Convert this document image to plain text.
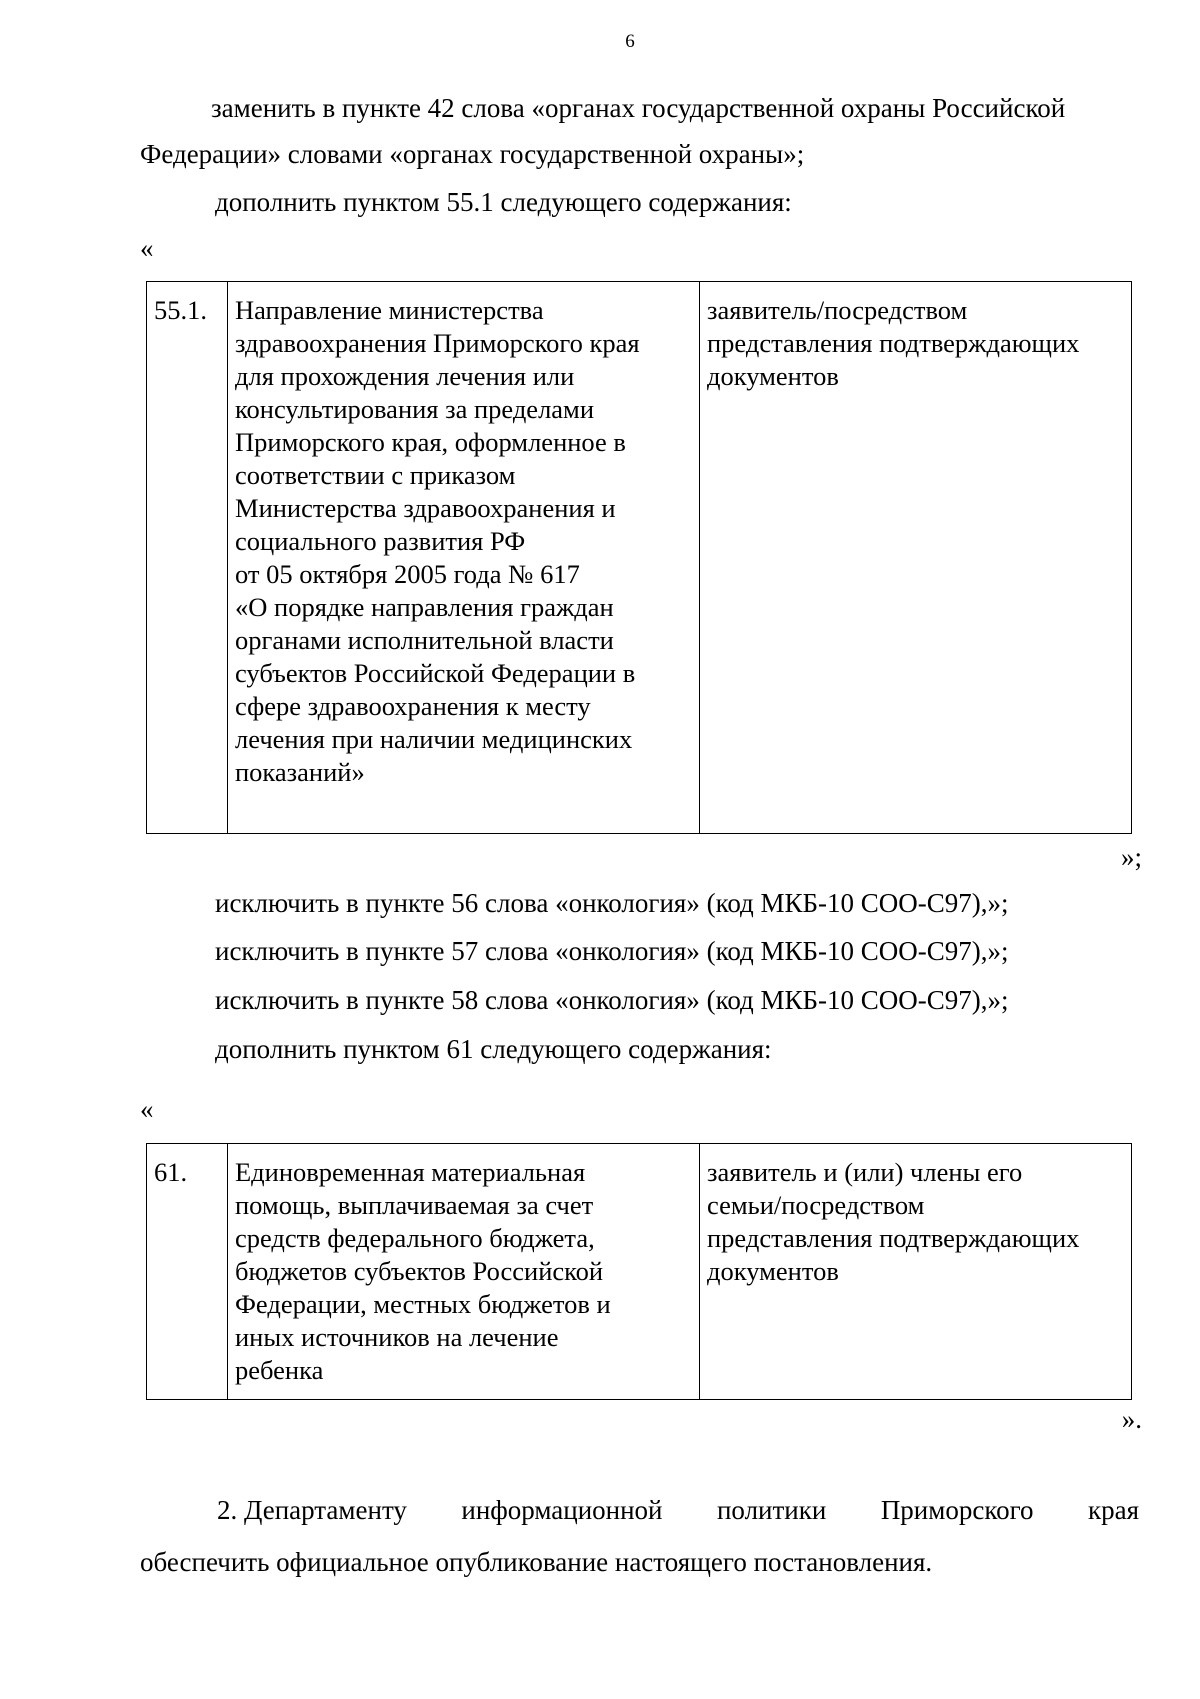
6
заменить в пункте 42 слова «органах государственной охраны Российской
Федерации» словами «органах государственной охраны»;
дополнить пунктом 55.1 следующего содержания:
«
55.1.	Направление министерства
здравоохранения Приморского края
для прохождения лечения или
консультирования за пределами
Приморского края, оформленное в
соответствии с приказом
Министерства здравоохранения и
социального развития РФ
от 05 октября 2005 года № 617
«О порядке направления граждан
органами исполнительной власти
субъектов Российской Федерации в
сфере здравоохранения к месту
лечения при наличии медицинских
показаний»	заявитель/посредством
представления подтверждающих
документов
»;
исключить в пункте 56 слова «онкология» (код МКБ-10 СОО-С97),»;
исключить в пункте 57 слова «онкология» (код МКБ-10 СОО-С97),»;
исключить в пункте 58 слова «онкология» (код МКБ-10 СОО-С97),»;
дополнить пунктом 61 следующего содержания:
«
61.	Единовременная материальная
помощь, выплачиваемая за счет
средств федерального бюджета,
бюджетов субъектов Российской
Федерации, местных бюджетов и
иных источников на лечение
ребенка	заявитель и (или) члены его
семьи/посредством
представления подтверждающих
документов
».
2. Департаменту информационной политики Приморского края
обеспечить официальное опубликование настоящего постановления.
